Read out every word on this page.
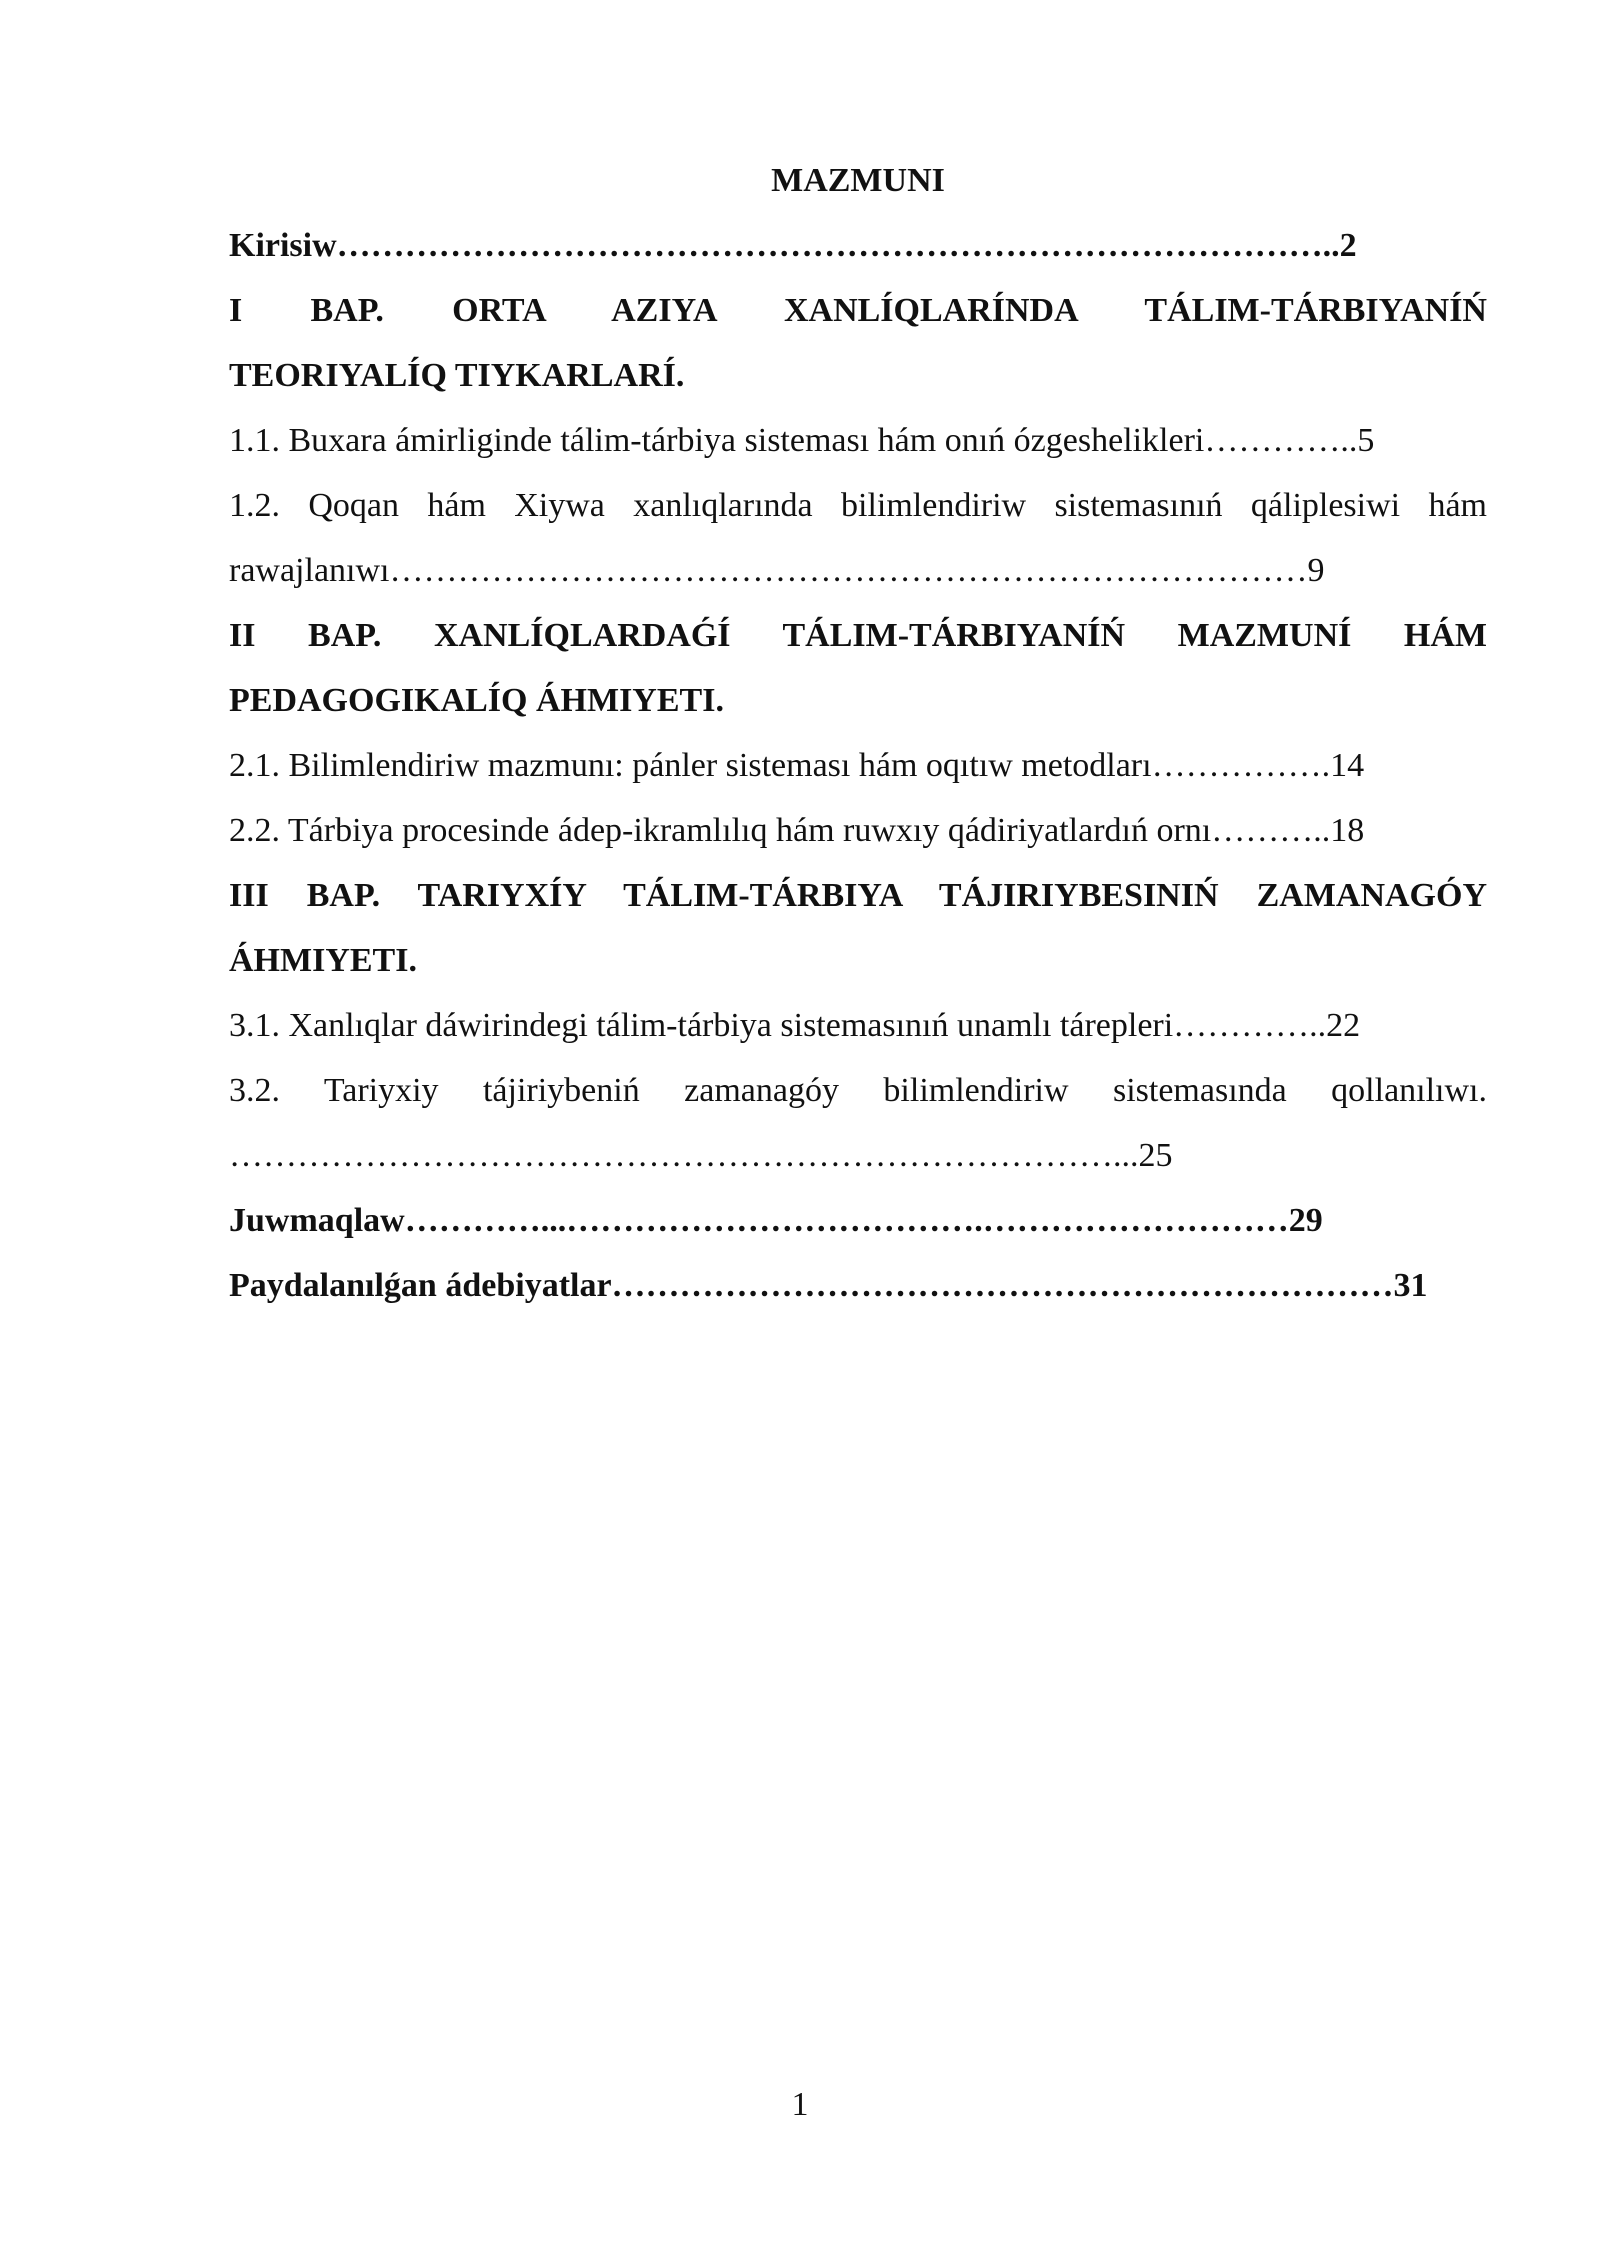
MAZMUNI
Kirisiw……………………………………………………………………………..2
I BAP. ORTA AZIYA XANLÍQLARÍNDA TÁLIM-TÁRBIYANÍŃ
TEORIYALÍQ TIYKARLARÍ.
1.1. Buxara ámirliginde tálim-tárbiya sisteması hám onıń ózgeshelikleri…………..5
1.2. Qoqan hám Xiywa xanlıqlarında bilimlendiriw sistemasınıń qáliplesiwi hám
rawajlanıwı………………………………………………………………………9
II BAP. XANLÍQLARDAǴÍ TÁLIM-TÁRBIYANÍŃ MAZMUNÍ HÁM
PEDAGOGIKALÍQ ÁHMIYETI.
2.1. Bilimlendiriw mazmunı: pánler sisteması hám oqıtıw metodları…………….14
2.2. Tárbiya procesinde ádep-ikramlılıq hám ruwxıy qádiriyatlardıń ornı………..18
III BAP. TARIYXÍY TÁLIM-TÁRBIYA TÁJIRIYBESINIŃ ZAMANAGÓY
ÁHMIYETI.
3.1. Xanlıqlar dáwirindegi tálim-tárbiya sistemasınıń unamlı tárepleri…………..22
3.2. Tariyxiy tájiriybeniń zamanagóy bilimlendiriw sistemasında qollanılıwı.
……………………………………………………………………...25
Juwmaqlaw…………...……………………………….………………………29
Paydalanılǵan ádebiyatlar……………………………………………………………31
1
